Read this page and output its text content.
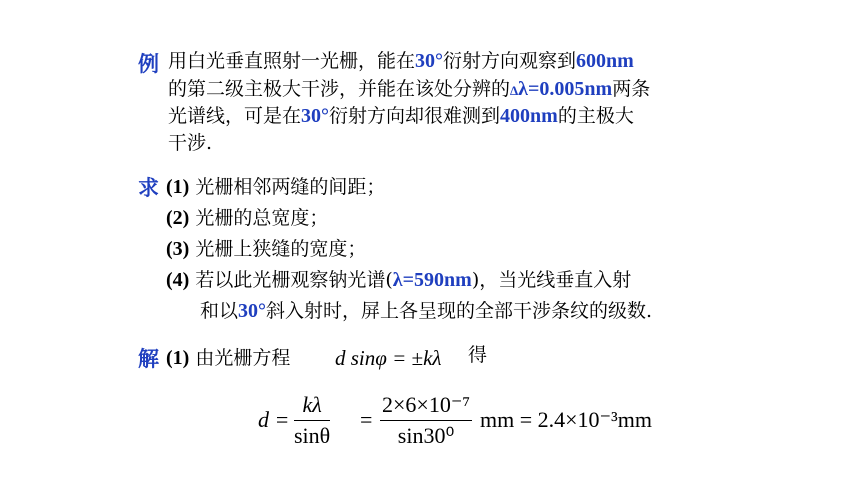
例 用白光垂直照射一光栅，能在30°衍射方向观察到600nm
的第二级主极大干涉，并能在该处分辨的Δλ=0.005nm两条
光谱线，可是在30°衍射方向却很难测到400nm的主极大
干涉.
求 (1) 光栅相邻两缝的间距；
(2) 光栅的总宽度；
(3) 光栅上狭缝的宽度；
(4) 若以此光栅观察钠光谱(λ=590nm)，当光线垂直入射
和以30°斜入射时，屏上各呈现的全部干涉条纹的级数.
解 (1) 由光栅方程 d sinφ = ±kλ 得
$d = \frac{k\lambda}{\sin\theta} = \frac{\text{2×6×10⁻⁷}}{\text{sin30⁰}}$ mm = 2.4×10⁻³mm
